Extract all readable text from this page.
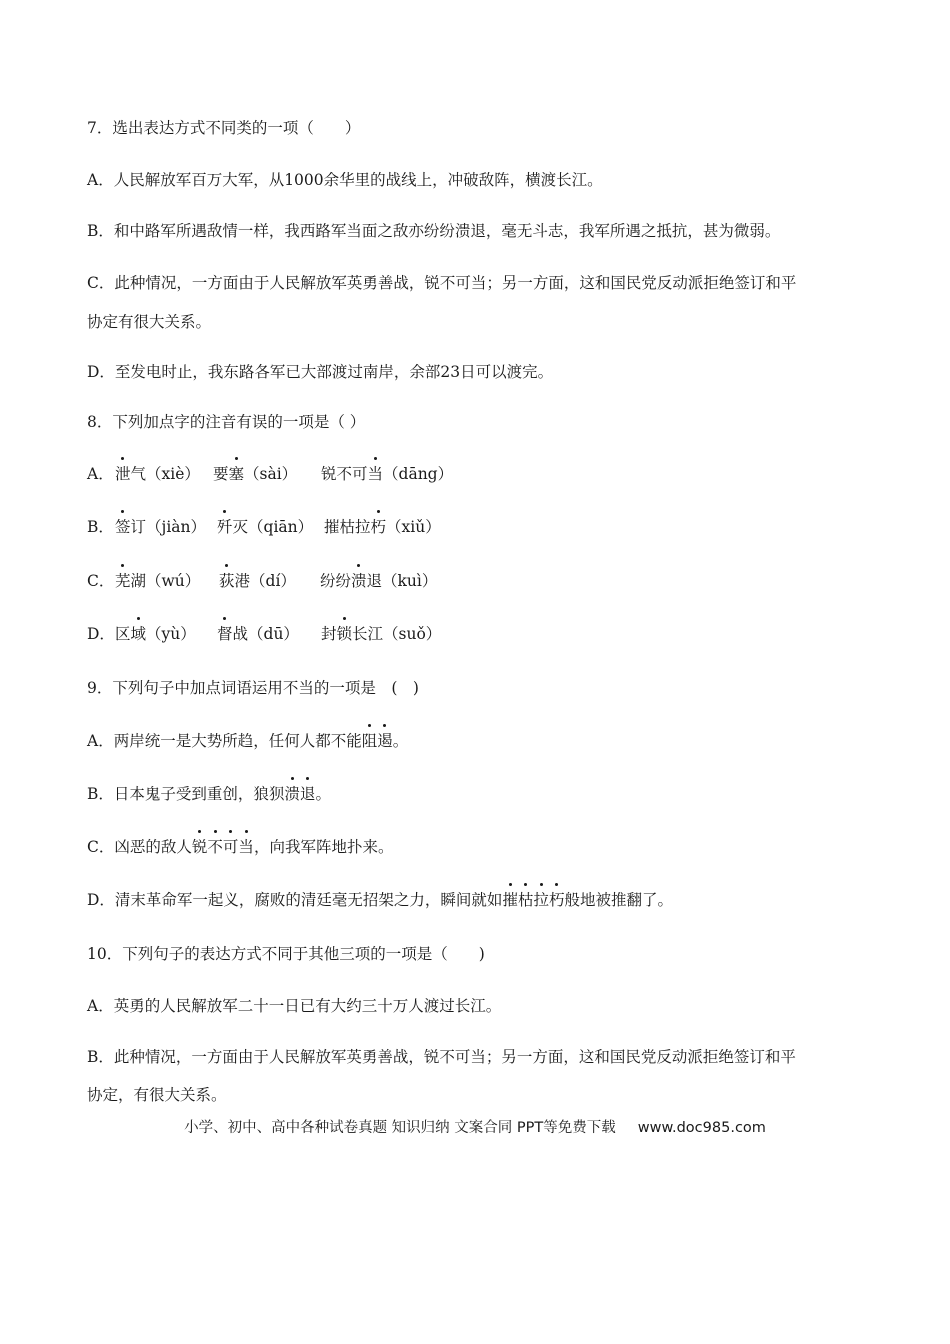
7．选出表达方式不同类的一项（　　）
A．人民解放军百万大军，从1000余华里的战线上，冲破敌阵，横渡长江。
B．和中路军所遇敌情一样，我西路军当面之敌亦纷纷溃退，毫无斗志，我军所遇之抵抗，甚为微弱。
C．此种情况，一方面由于人民解放军英勇善战，锐不可当；另一方面，这和国民党反动派拒绝签订和平
协定有很大关系。
D．至发电时止，我东路各军已大部渡过南岸，余部23日可以渡完。
8．下列加点字的注音有误的一项是（ ）
A． 泄气（xiè） 要塞（sài） 锐不可当（dāng）
B． 签订（jiàn） 歼灭（qiān） 摧枯拉朽（xiǔ）
C． 芜湖（wú） 荻港（dí） 纷纷溃退（kuì）
D． 区域（yù） 督战（dū） 封锁长江（suǒ）
9．下列句子中加点词语运用不当的一项是　(　)
A．两岸统一是大势所趋，任何人都不能阻遏。
B．日本鬼子受到重创，狼狈溃退。
C．凶恶的敌人锐不可当，向我军阵地扑来。
D．清末革命军一起义，腐败的清廷毫无招架之力，瞬间就如摧枯拉朽般地被推翻了。
10．下列句子的表达方式不同于其他三项的一项是（　　)
A．英勇的人民解放军二十一日已有大约三十万人渡过长江。
B．此种情况，一方面由于人民解放军英勇善战，锐不可当；另一方面，这和国民党反动派拒绝签订和平
协定，有很大关系。
小学、初中、高中各种试卷真题 知识归纳 文案合同 PPT等免费下载 www.doc985.com
